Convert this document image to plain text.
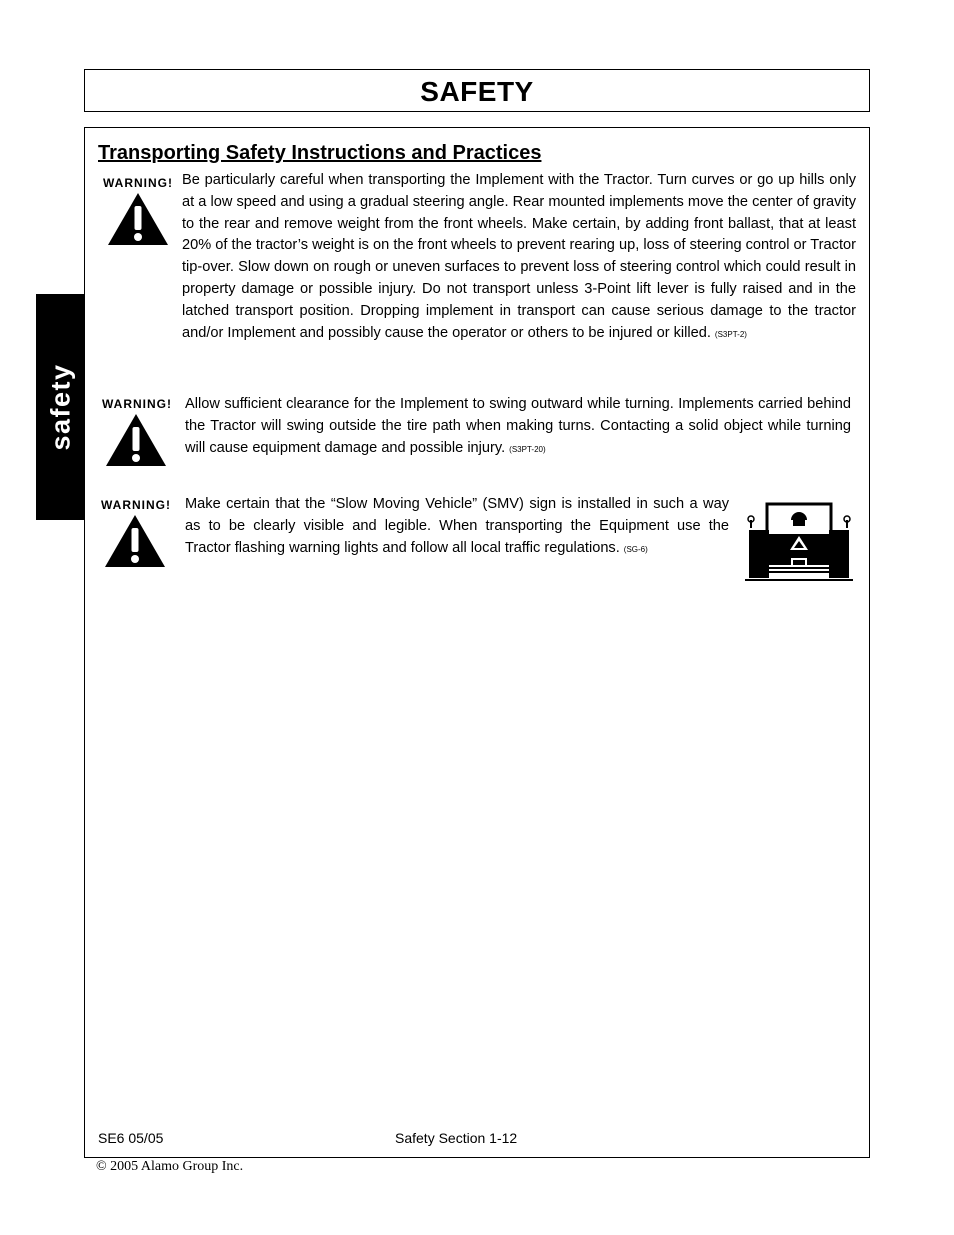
SAFETY
safety
Transporting Safety Instructions and Practices
WARNING! Be particularly careful when transporting the Implement with the Tractor. Turn curves or go up hills only at a low speed and using a gradual steering angle. Rear mounted implements move the center of gravity to the rear and remove weight from the front wheels. Make certain, by adding front ballast, that at least 20% of the tractor’s weight is on the front wheels to prevent rearing up, loss of steering control or Tractor tip-over. Slow down on rough or uneven surfaces to prevent loss of steering control which could result in property damage or possible injury. Do not transport unless 3-Point lift lever is fully raised and in the latched transport position. Dropping implement in transport can cause serious damage to the tractor and/or Implement and possibly cause the operator or others to be injured or killed. (S3PT-2)

WARNING! Allow sufficient clearance for the Implement to swing outward while turning. Implements carried behind the Tractor will swing outside the tire path when making turns. Contacting a solid object while turning will cause equipment damage and possible injury. (S3PT-20)

WARNING! Make certain that the “Slow Moving Vehicle” (SMV) sign is installed in such a way as to be clearly visible and legible. When transporting the Equipment use the Tractor flashing warning lights and follow all local traffic regulations. (SG-6)

SE6 05/05	Safety Section 1-12
© 2005 Alamo Group Inc.
